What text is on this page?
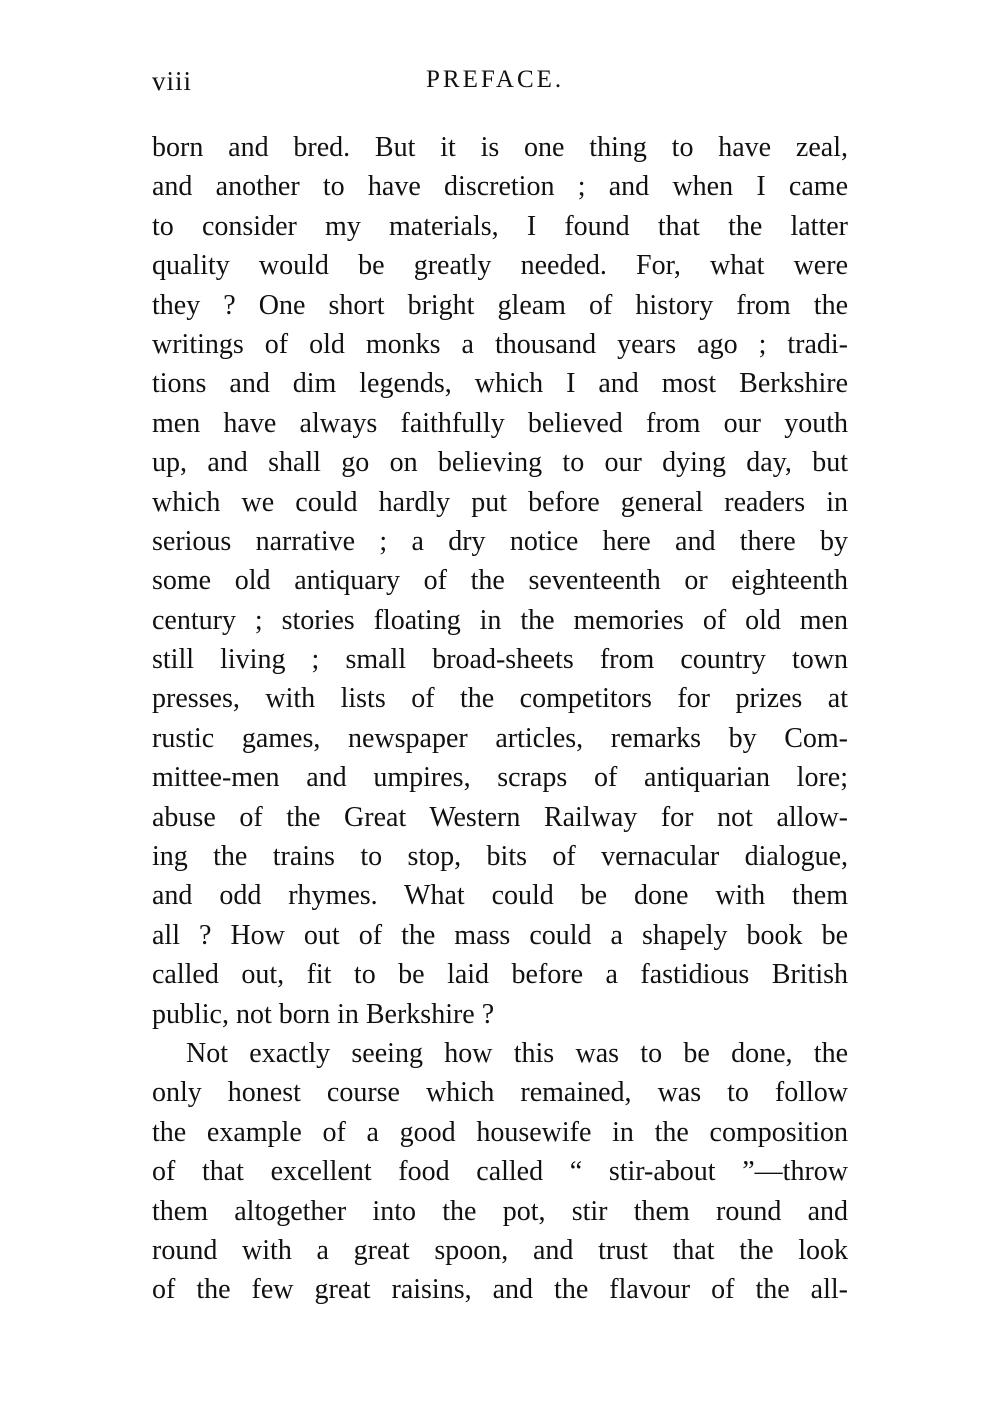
viii	PREFACE.
born and bred. But it is one thing to have zeal,
and another to have discretion ; and when I came
to consider my materials, I found that the latter
quality would be greatly needed. For, what were
they ? One short bright gleam of history from the
writings of old monks a thousand years ago ; tradi-
tions and dim legends, which I and most Berkshire
men have always faithfully believed from our youth
up, and shall go on believing to our dying day, but
which we could hardly put before general readers in
serious narrative ; a dry notice here and there by
some old antiquary of the seventeenth or eighteenth
century ; stories floating in the memories of old men
still living ; small broad-sheets from country town
presses, with lists of the competitors for prizes at
rustic games, newspaper articles, remarks by Com-
mittee-men and umpires, scraps of antiquarian lore;
abuse of the Great Western Railway for not allow-
ing the trains to stop, bits of vernacular dialogue,
and odd rhymes. What could be done with them
all ? How out of the mass could a shapely book be
called out, fit to be laid before a fastidious British
public, not born in Berkshire ?
Not exactly seeing how this was to be done, the
only honest course which remained, was to follow
the example of a good housewife in the composition
of that excellent food called “ stir-about ”—throw
them altogether into the pot, stir them round and
round with a great spoon, and trust that the look
of the few great raisins, and the flavour of the all-
